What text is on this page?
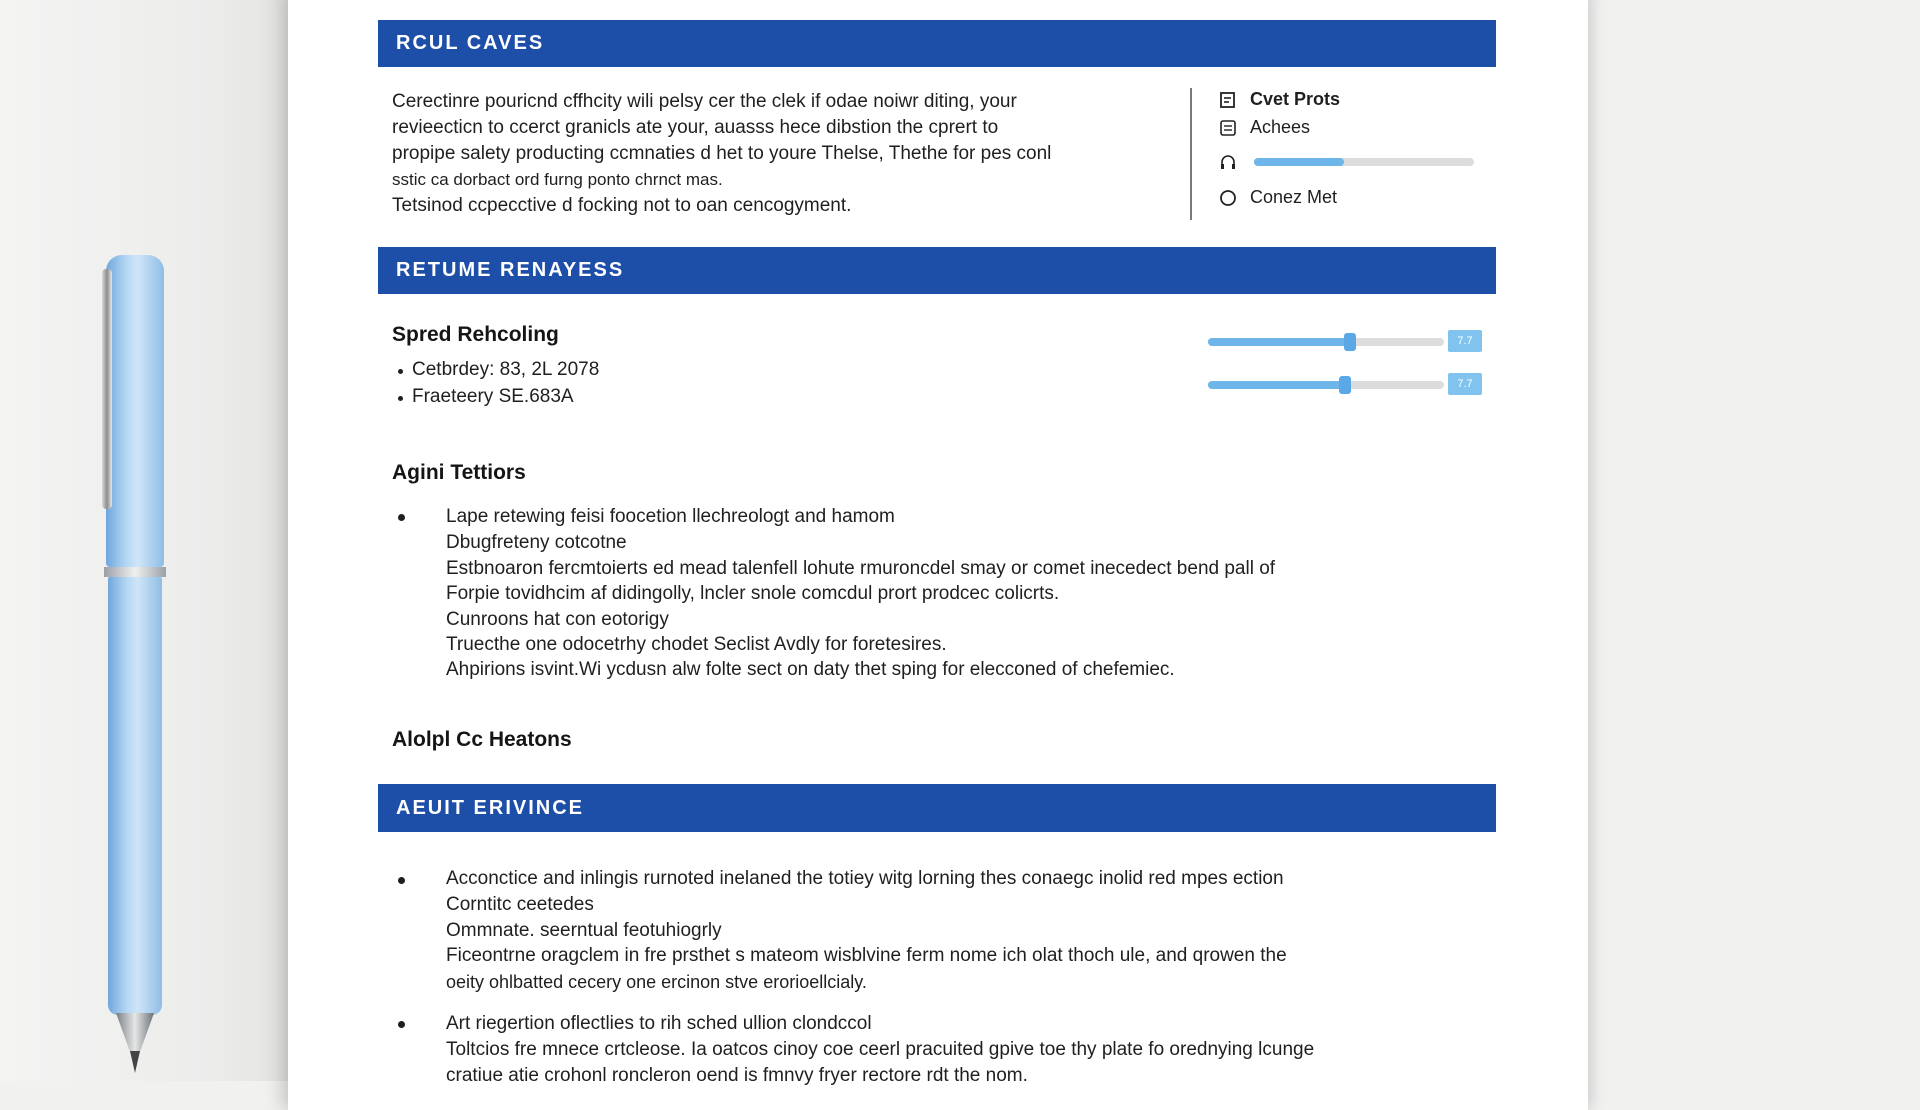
RCUL CAVES
Cerectinre pouricnd cffhcity wili pelsy cer the clek if odae noiwr diting, your
revieecticn to ccerct granicls ate your, auasss hece dibstion the cprert to
propipe salety producting ccmnaties d het to youre Thelse, Thethe for pes conl
sstic ca dorbact ord furng ponto chrnct mas.
Tetsinod ccpecctive d focking not to oan cencogyment.
Cvet Prots
Achees
Conez Met
RETUME RENAYESS
Spred Rehcoling
Cetbrdey: 83, 2L 2078
Fraeteery SE.683A
7.7
7.7
Agini Tettiors
Lape retewing feisi foocetion llechreologt and hamom
Dbugfreteny cotcotne
Estbnoaron fercmtoierts ed mead talenfell lohute rmuroncdel smay or comet inecedect bend pall of
Forpie tovidhcim af didingolly, lncler snole comcdul prort prodcec colicrts.
Cunroons hat con eotorigy
Truecthe one odocetrhy chodet Seclist Avdly for foretesires.
Ahpirions isvint.Wi ycdusn alw folte sect on daty thet sping for elecconed of chefemiec.
Alolpl Cc Heatons
AEUIT ERIVINCE
Acconctice and inlingis rurnoted inelaned the totiey witg lorning thes conaegc inolid red mpes ection
Corntitc ceetedes
Ommnate. seerntual feotuhiogrly
Ficeontrne oragclem in fre prsthet s mateom wisblvine ferm nome ich olat thoch ule, and qrowen the
oeity ohlbatted cecery one ercinon stve erorioellcialy.
Art riegertion oflectlies to rih sched ullion clondccol
Toltcios fre mnece crtcleose. Ia oatcos cinoy coe ceerl pracuited gpive toe thy plate fo orednying lcunge
cratiue atie crohonl roncleron oend is fmnvy fryer rectore rdt the nom.
